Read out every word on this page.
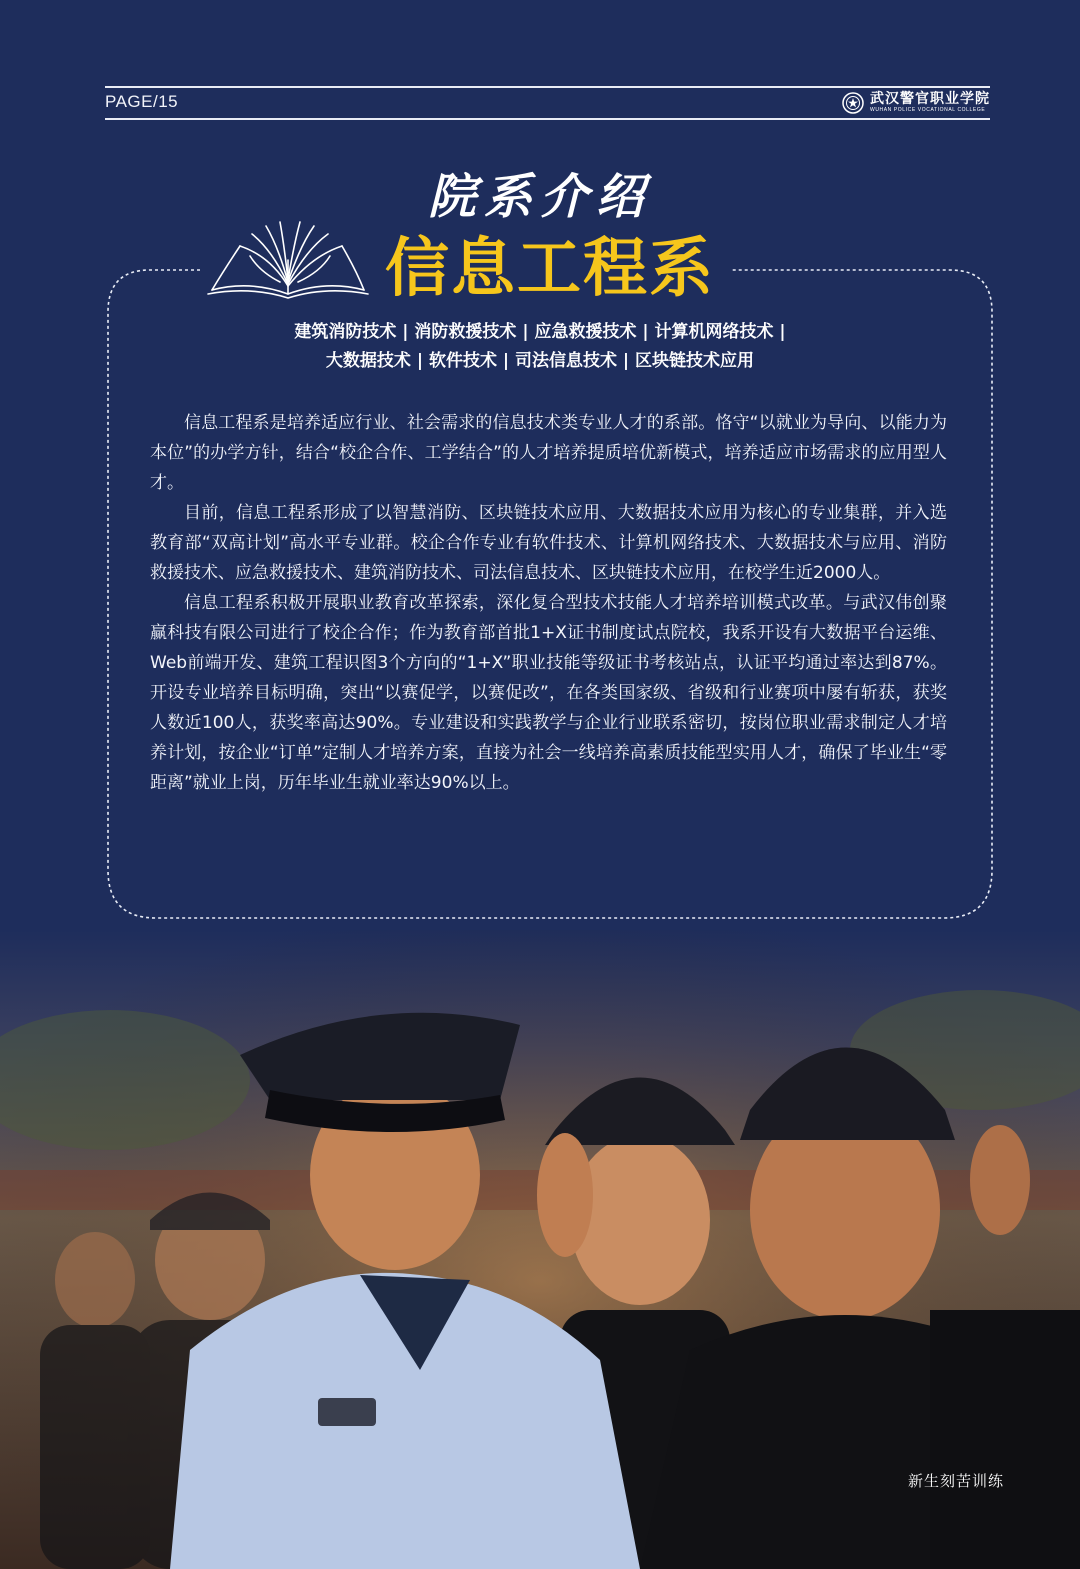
PAGE/15	武汉警官职业学院
WUHAN POLICE VOCATIONAL COLLEGE
院系介绍
信息工程系
建筑消防技术 | 消防救援技术 | 应急救援技术 | 计算机网络技术 |
大数据技术 | 软件技术 | 司法信息技术 | 区块链技术应用

信息工程系是培养适应行业、社会需求的信息技术类专业人才的系部。恪守“以就业为导向、以能力为本位”的办学方针，结合“校企合作、工学结合”的人才培养提质培优新模式，培养适应市场需求的应用型人才。

目前，信息工程系形成了以智慧消防、区块链技术应用、大数据技术应用为核心的专业集群，并入选教育部“双高计划”高水平专业群。校企合作专业有软件技术、计算机网络技术、大数据技术与应用、消防救援技术、应急救援技术、建筑消防技术、司法信息技术、区块链技术应用，在校学生近2000人。

信息工程系积极开展职业教育改革探索，深化复合型技术技能人才培养培训模式改革。与武汉伟创聚赢科技有限公司进行了校企合作；作为教育部首批1+X证书制度试点院校，我系开设有大数据平台运维、Web前端开发、建筑工程识图3个方向的“1+X”职业技能等级证书考核站点，认证平均通过率达到87%。开设专业培养目标明确，突出“以赛促学，以赛促改”，在各类国家级、省级和行业赛项中屡有斩获，获奖人数近100人，获奖率高达90%。专业建设和实践教学与企业行业联系密切，按岗位职业需求制定人才培养计划，按企业“订单”定制人才培养方案，直接为社会一线培养高素质技能型实用人才，确保了毕业生“零距离”就业上岗，历年毕业生就业率达90%以上。

新生刻苦训练
